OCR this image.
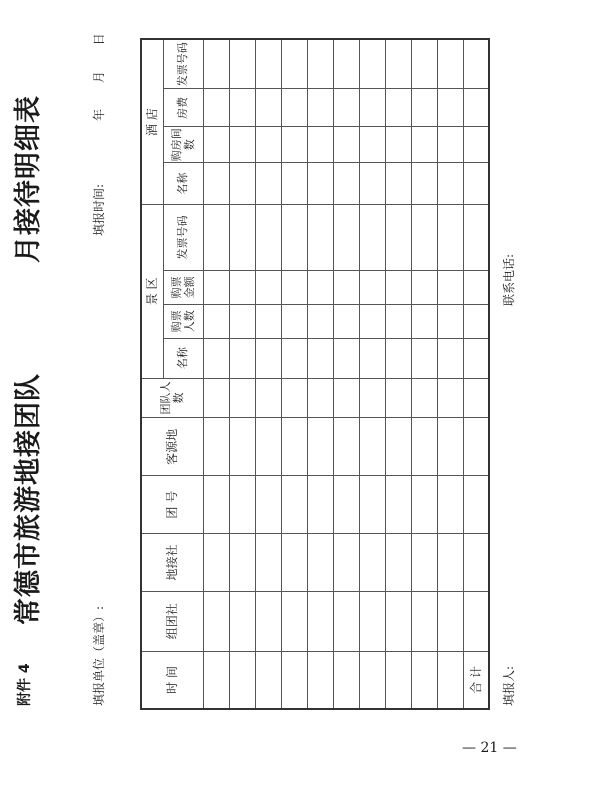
附件 4
常德市旅游地接团队月接待明细表
填报单位（盖章）:
填报时间:
年 月 日
时 间	组团社	地接社	团 号	客源地	团队人数	景 区				酒 店			
						名称	购票人数	购票金额	发票号码	名称	购房间数	房费	发票号码

合 计													填报人:
联系电话:
— 21 —
